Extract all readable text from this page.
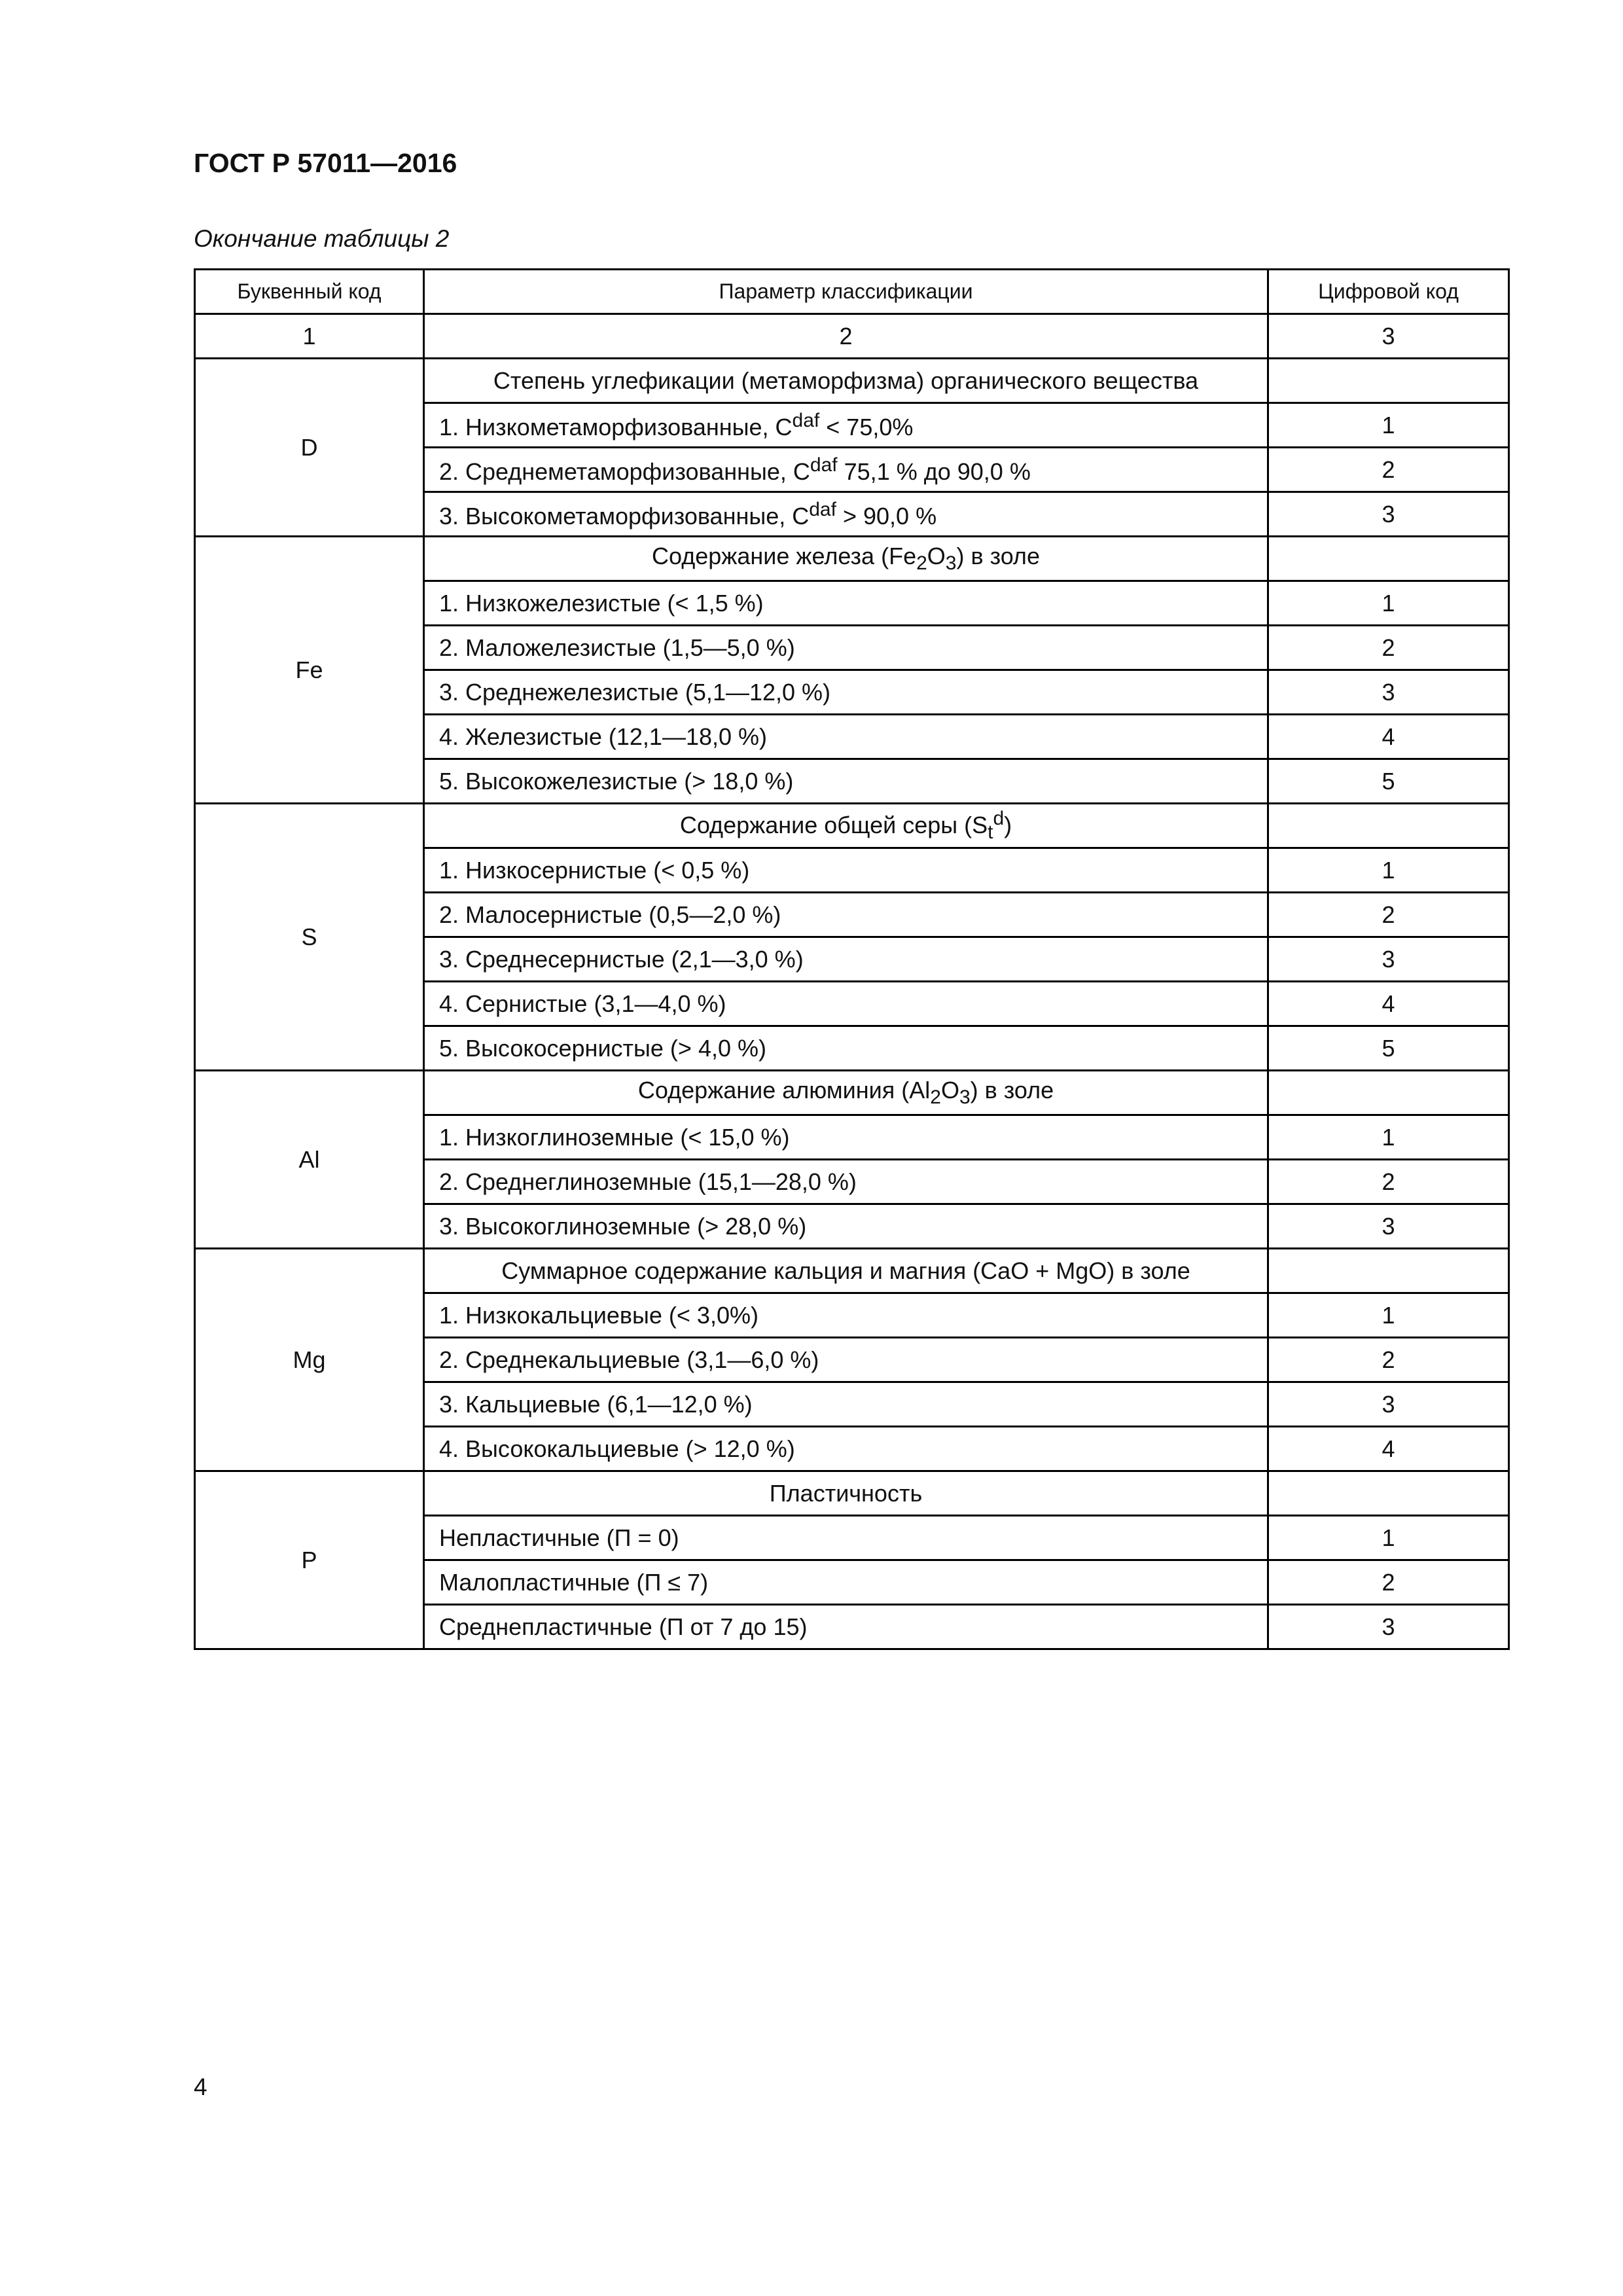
ГОСТ Р 57011—2016

Окончание таблицы 2

Буквенный код	Параметр классификации	Цифровой код
1	2	3
D	Степень углефикации (метаморфизма) органического вещества	
	1. Низкометаморфизованные, $C^{daf} < 75,0\%$	1
	2. Среднеметаморфизованные, $C^{daf}$ 75,1 % до 90,0 %	2
	3. Высокометаморфизованные, $C^{daf} > 90,0$ %	3
Fe	Содержание железа $(Fe_2O_3)$ в золе	
	1. Низкожелезистые (< 1,5 %)	1
	2. Маложелезистые (1,5—5,0 %)	2
	3. Среднежелезистые (5,1—12,0 %)	3
	4. Железистые (12,1—18,0 %)	4
	5. Высокожелезистые (> 18,0 %)	5
S	Содержание общей серы $(S_t^d)$	
	1. Низкосернистые (< 0,5 %)	1
	2. Малосернистые (0,5—2,0 %)	2
	3. Среднесернистые (2,1—3,0 %)	3
	4. Сернистые (3,1—4,0 %)	4
	5. Высокосернистые (> 4,0 %)	5
Al	Содержание алюминия $(Al_2O_3)$ в золе	
	1. Низкоглиноземные (< 15,0 %)	1
	2. Среднеглиноземные (15,1—28,0 %)	2
	3. Высокоглиноземные (> 28,0 %)	3
Mg	Суммарное содержание кальция и магния (CaO + MgO) в золе	
	1. Низкокальциевые (< 3,0%)	1
	2. Среднекальциевые (3,1—6,0 %)	2
	3. Кальциевые (6,1—12,0 %)	3
	4. Высококальциевые (> 12,0 %)	4
P	Пластичность	
	Непластичные (П = 0)	1
	Малопластичные (П ≤ 7)	2
	Среднепластичные (П от 7 до 15)	3

4
